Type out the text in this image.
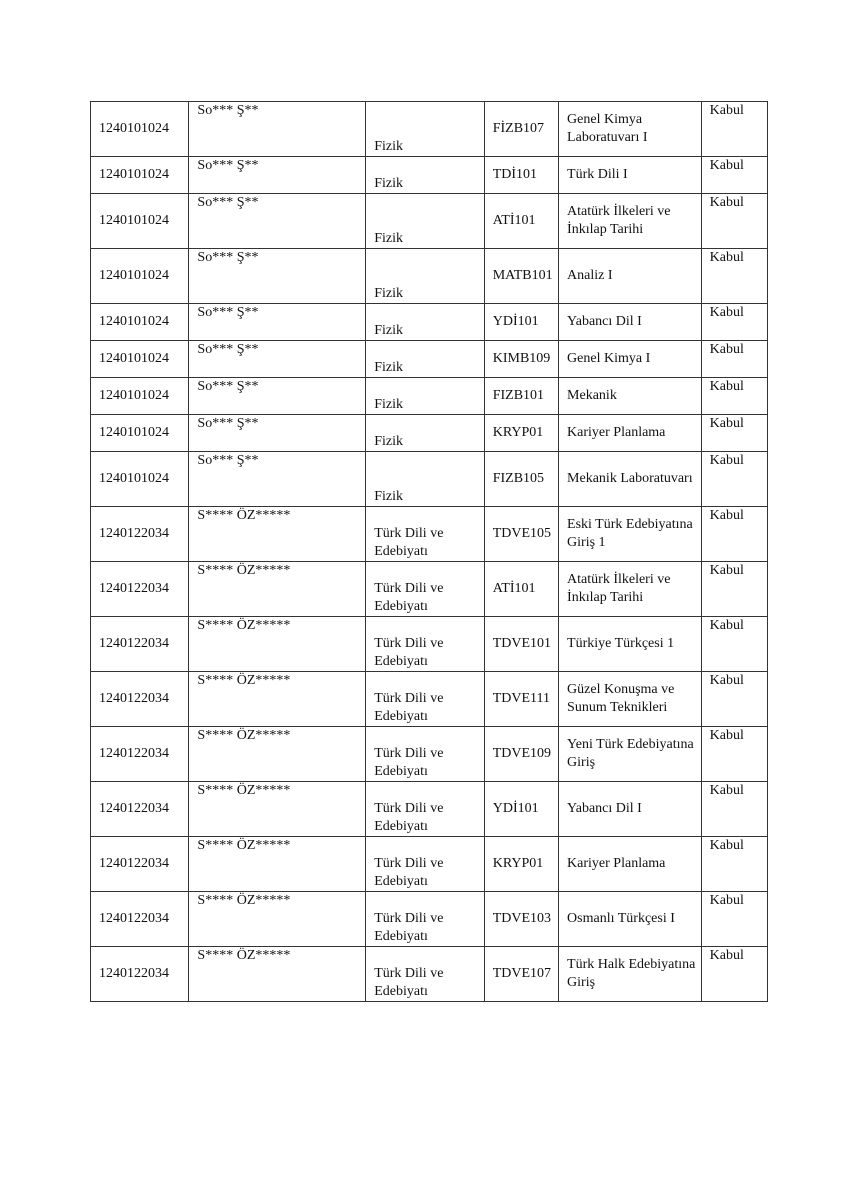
1240101024	So*** Ş**	Fizik	FİZB107	Genel Kimya Laboratuvarı I	Kabul

1240101024	So*** Ş**	Fizik	TDİ101	Türk Dili I	Kabul

1240101024	So*** Ş**	Fizik	ATİ101	Atatürk İlkeleri ve İnkılap Tarihi	Kabul

1240101024	So*** Ş**	Fizik	MATB101	Analiz I	Kabul

1240101024	So*** Ş**	Fizik	YDİ101	Yabancı Dil I	Kabul

1240101024	So*** Ş**	Fizik	KIMB109	Genel Kimya I	Kabul

1240101024	So*** Ş**	Fizik	FIZB101	Mekanik	Kabul

1240101024	So*** Ş**	Fizik	KRYP01	Kariyer Planlama	Kabul

1240101024	So*** Ş**	Fizik	FIZB105	Mekanik Laboratuvarı	Kabul

1240122034	S**** ÖZ*****	Türk Dili ve Edebiyatı	TDVE105	Eski Türk Edebiyatına Giriş 1	Kabul

1240122034	S**** ÖZ*****	Türk Dili ve Edebiyatı	ATİ101	Atatürk İlkeleri ve İnkılap Tarihi	Kabul

1240122034	S**** ÖZ*****	Türk Dili ve Edebiyatı	TDVE101	Türkiye Türkçesi 1	Kabul

1240122034	S**** ÖZ*****	Türk Dili ve Edebiyatı	TDVE111	Güzel Konuşma ve Sunum Teknikleri	Kabul

1240122034	S**** ÖZ*****	Türk Dili ve Edebiyatı	TDVE109	Yeni Türk Edebiyatına Giriş	Kabul

1240122034	S**** ÖZ*****	Türk Dili ve Edebiyatı	YDİ101	Yabancı Dil I	Kabul

1240122034	S**** ÖZ*****	Türk Dili ve Edebiyatı	KRYP01	Kariyer Planlama	Kabul

1240122034	S**** ÖZ*****	Türk Dili ve Edebiyatı	TDVE103	Osmanlı Türkçesi I	Kabul

1240122034	S**** ÖZ*****	Türk Dili ve Edebiyatı	TDVE107	Türk Halk Edebiyatına Giriş	Kabul
